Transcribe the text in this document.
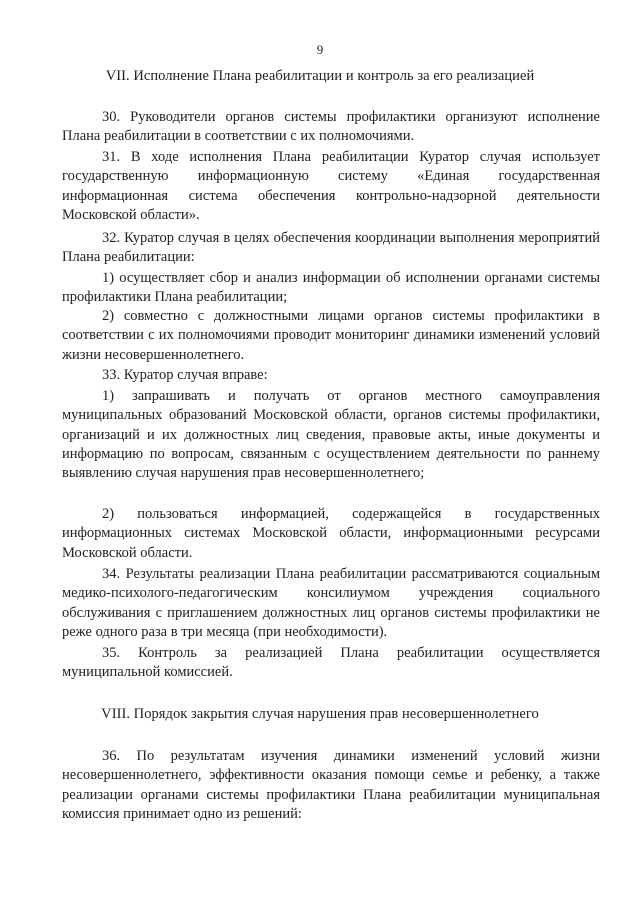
9
VII. Исполнение Плана реабилитации и контроль за его реализацией
30. Руководители органов системы профилактики организуют исполнение Плана реабилитации в соответствии с их полномочиями.
31. В ходе исполнения Плана реабилитации Куратор случая использует государственную информационную систему «Единая государственная информационная система обеспечения контрольно-надзорной деятельности Московской области».
32. Куратор случая в целях обеспечения координации выполнения мероприятий Плана реабилитации:
1) осуществляет сбор и анализ информации об исполнении органами системы профилактики Плана реабилитации;
2) совместно с должностными лицами органов системы профилактики в соответствии с их полномочиями проводит мониторинг динамики изменений условий жизни несовершеннолетнего.
33. Куратор случая вправе:
1) запрашивать и получать от органов местного самоуправления муниципальных образований Московской области, органов системы профилактики, организаций и их должностных лиц сведения, правовые акты, иные документы и информацию по вопросам, связанным с осуществлением деятельности по раннему выявлению случая нарушения прав несовершеннолетнего;
2) пользоваться информацией, содержащейся в государственных информационных системах Московской области, информационными ресурсами Московской области.
34. Результаты реализации Плана реабилитации рассматриваются социальным медико-психолого-педагогическим консилиумом учреждения социального обслуживания с приглашением должностных лиц органов системы профилактики не реже одного раза в три месяца (при необходимости).
35. Контроль за реализацией Плана реабилитации осуществляется муниципальной комиссией.
VIII. Порядок закрытия случая нарушения прав несовершеннолетнего
36. По результатам изучения динамики изменений условий жизни несовершеннолетнего, эффективности оказания помощи семье и ребенку, а также реализации органами системы профилактики Плана реабилитации муниципальная комиссия принимает одно из решений:
